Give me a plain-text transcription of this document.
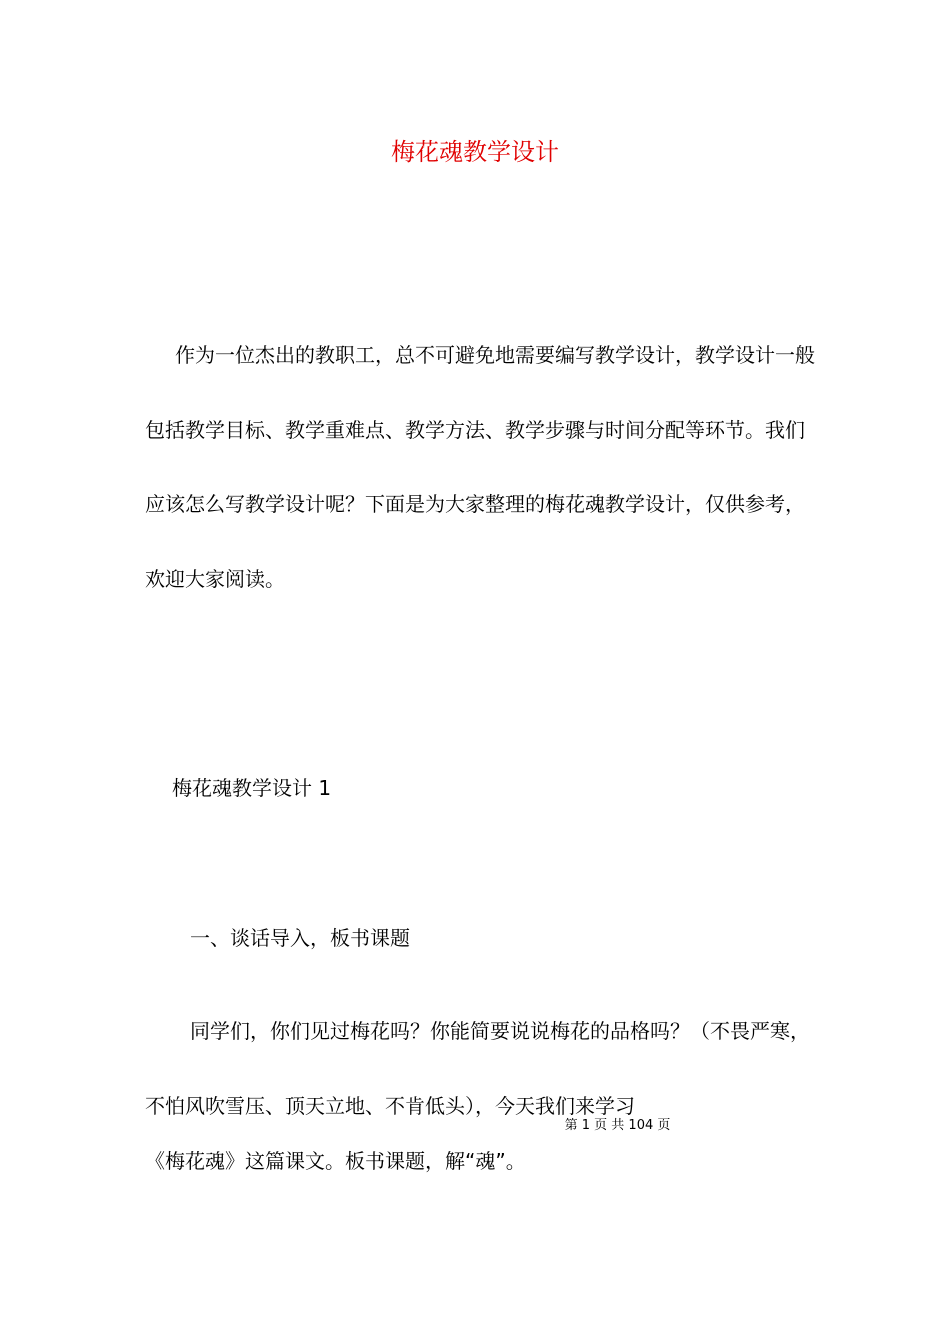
梅花魂教学设计

作为一位杰出的教职工，总不可避免地需要编写教学设计，教学设计一般包括教学目标、教学重难点、教学方法、教学步骤与时间分配等环节。我们应该怎么写教学设计呢？下面是为大家整理的梅花魂教学设计，仅供参考，欢迎大家阅读。

梅花魂教学设计 1
一、谈话导入，板书课题

同学们，你们见过梅花吗？你能简要说说梅花的品格吗？（不畏严寒，不怕风吹雪压、顶天立地、不肯低头），今天我们来学习

第 1 页 共 104 页
《梅花魂》这篇课文。板书课题，解“魂”。
